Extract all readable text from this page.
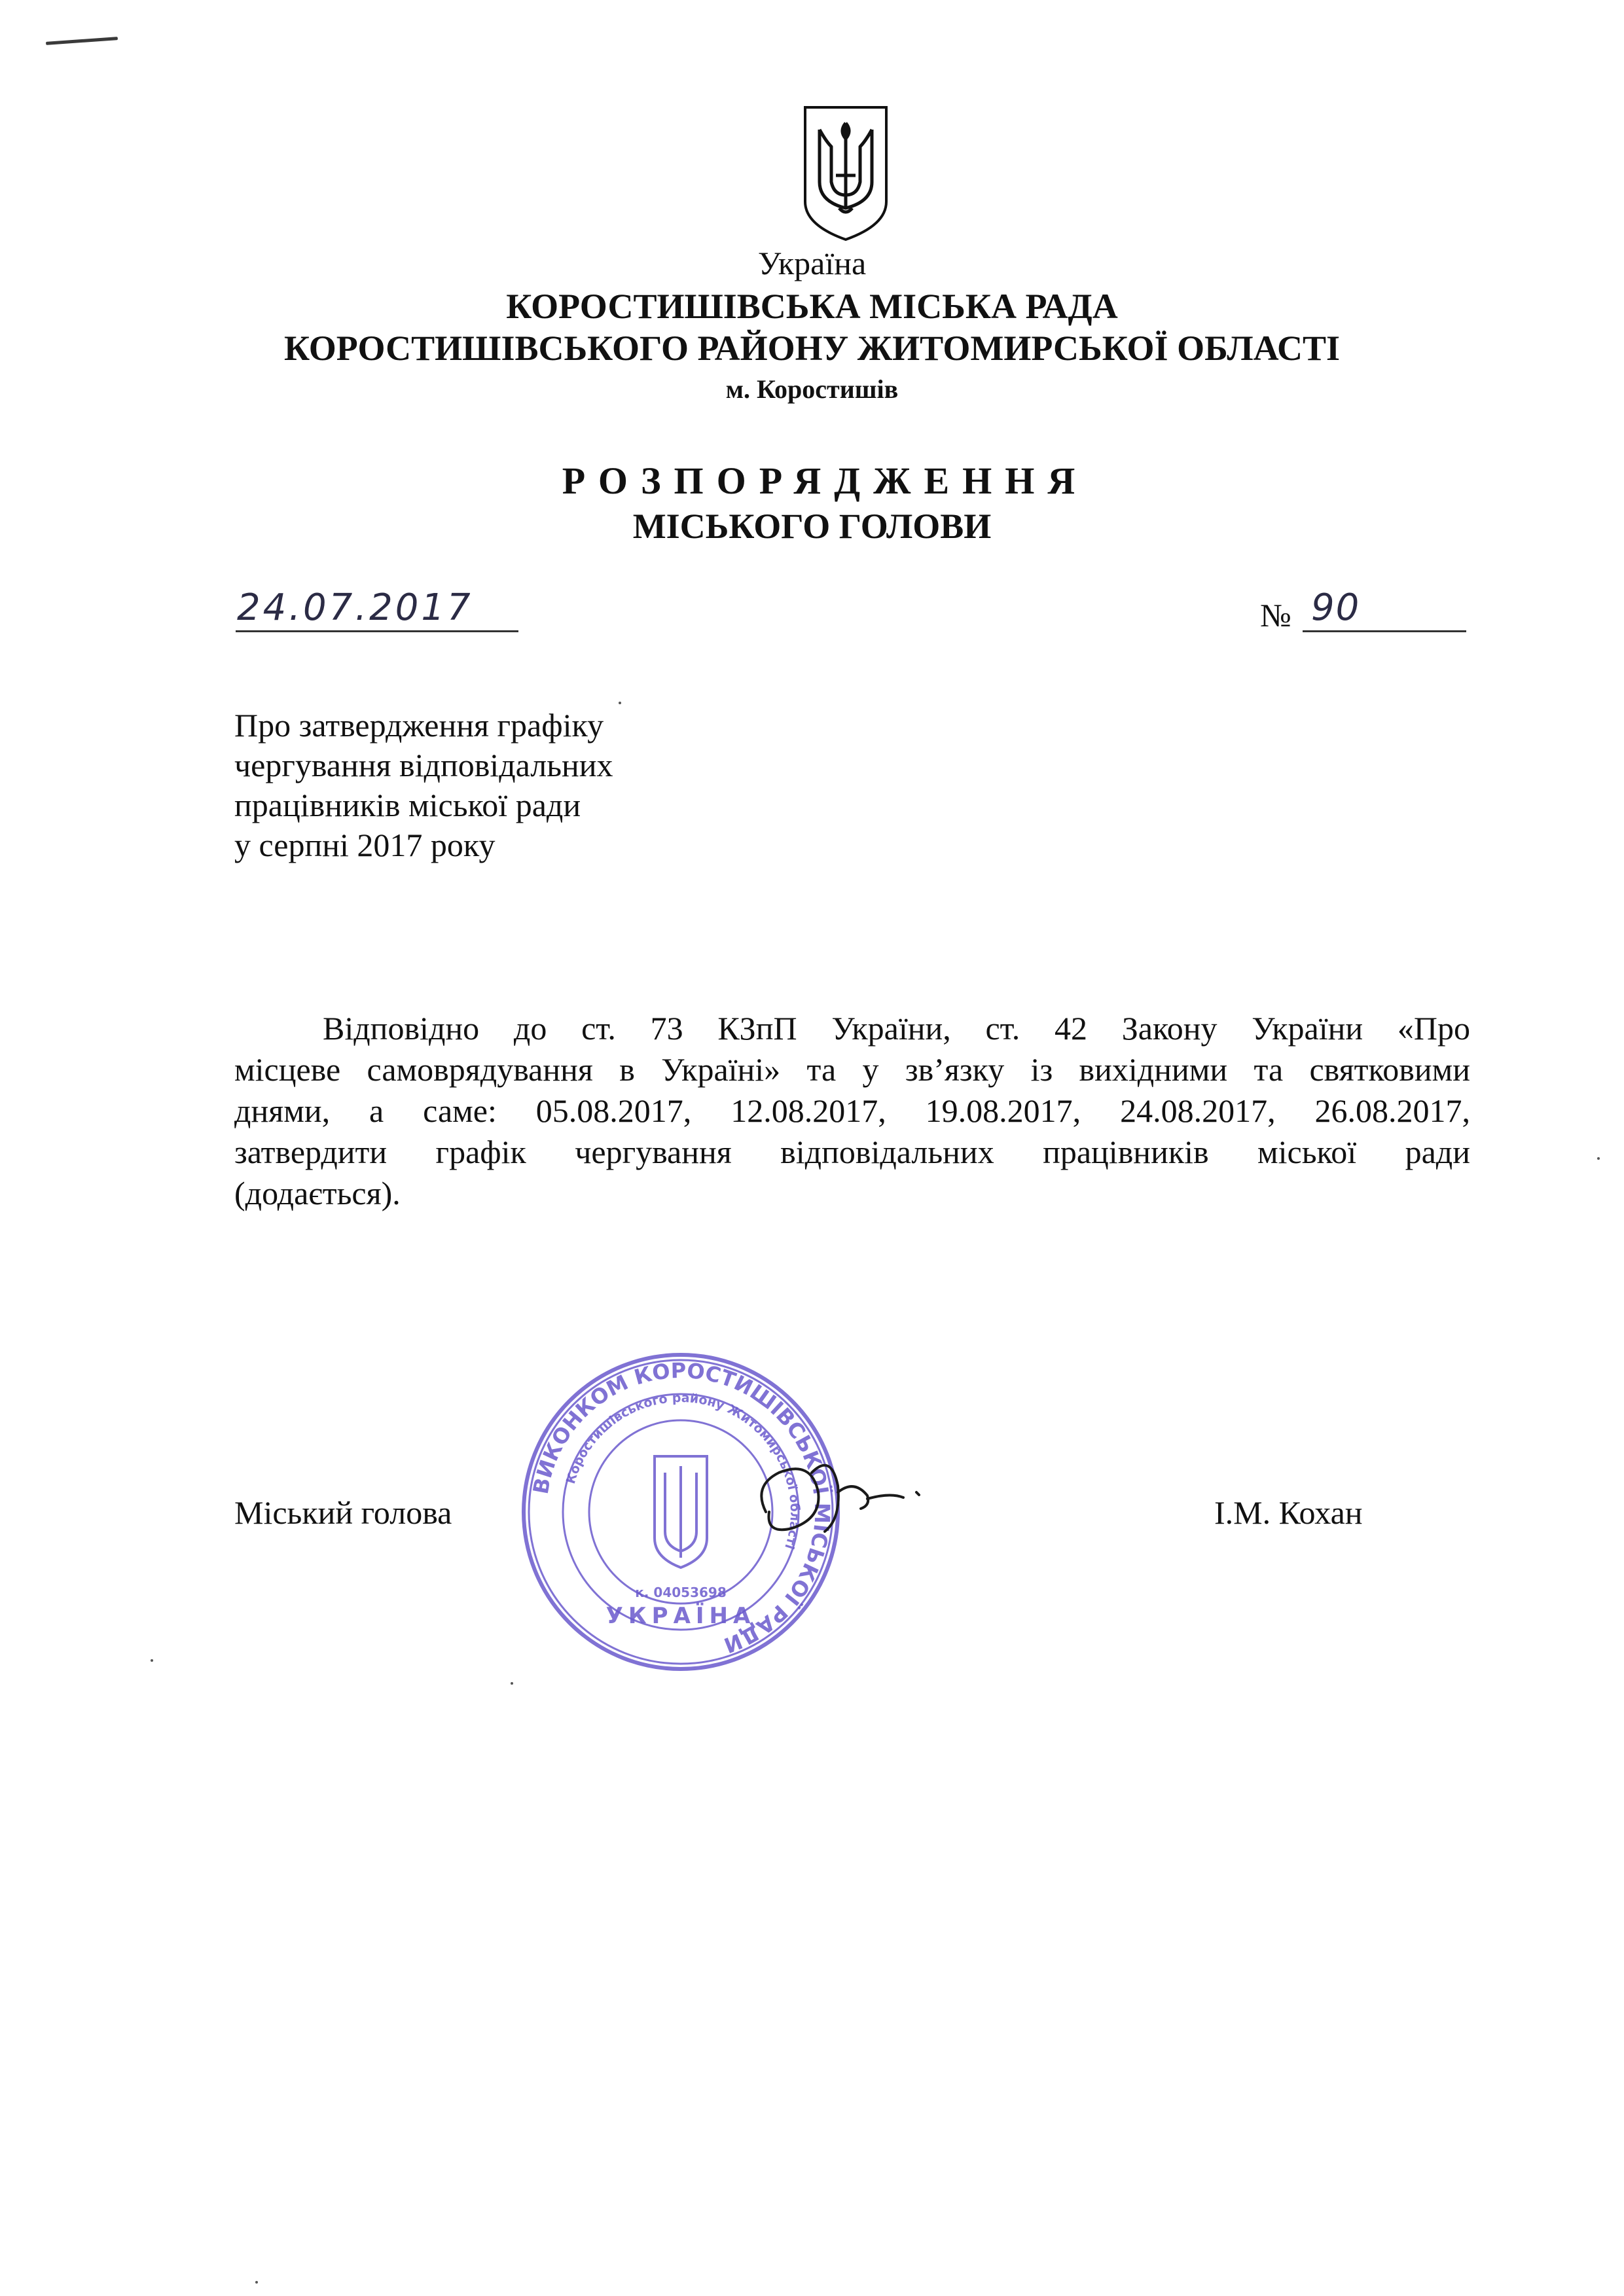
Україна
КОРОСТИШІВСЬКА МІСЬКА РАДА
КОРОСТИШІВСЬКОГО РАЙОНУ ЖИТОМИРСЬКОЇ ОБЛАСТІ
м. Коростишів
РОЗПОРЯДЖЕННЯ
МІСЬКОГО ГОЛОВИ
24.07.2017	№ 90
Про затвердження графіку
чергування відповідальних
працівників міської ради
у серпні 2017 року
Відповідно до ст. 73 КЗпП України, ст. 42 Закону України «Про
місцеве самоврядування в Україні» та у зв’язку із вихідними та святковими
днями, а саме: 05.08.2017, 12.08.2017, 19.08.2017, 24.08.2017, 26.08.2017,
затвердити графік чергування відповідальних працівників міської ради
(додається).
Міський голова	І.М. Кохан
ВИКОНКОМ КОРОСТИШІВСЬКОЇ МІСЬКОЇ РАДИ
Коростишівського району Житомирської області
УКРАЇНА
к. 04053698
